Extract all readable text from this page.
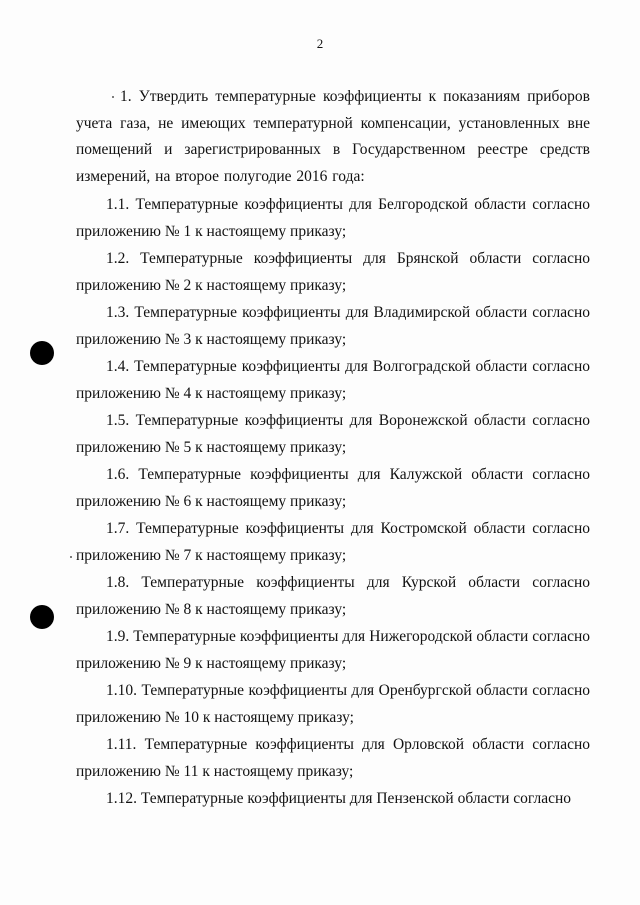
2

1. Утвердить температурные коэффициенты к показаниям приборов учета газа, не имеющих температурной компенсации, установленных вне помещений и зарегистрированных в Государственном реестре средств измерений, на второе полугодие 2016 года:

1.1. Температурные коэффициенты для Белгородской области согласно приложению № 1 к настоящему приказу;

1.2. Температурные коэффициенты для Брянской области согласно приложению № 2 к настоящему приказу;

1.3. Температурные коэффициенты для Владимирской области согласно приложению № 3 к настоящему приказу;

1.4. Температурные коэффициенты для Волгоградской области согласно приложению № 4 к настоящему приказу;

1.5. Температурные коэффициенты для Воронежской области согласно приложению № 5 к настоящему приказу;

1.6. Температурные коэффициенты для Калужской области согласно приложению № 6 к настоящему приказу;

1.7. Температурные коэффициенты для Костромской области согласно приложению № 7 к настоящему приказу;

1.8. Температурные коэффициенты для Курской области согласно приложению № 8 к настоящему приказу;

1.9. Температурные коэффициенты для Нижегородской области согласно приложению № 9 к настоящему приказу;

1.10. Температурные коэффициенты для Оренбургской области согласно приложению № 10 к настоящему приказу;

1.11. Температурные коэффициенты для Орловской области согласно приложению № 11 к настоящему приказу;

1.12. Температурные коэффициенты для Пензенской области согласно
